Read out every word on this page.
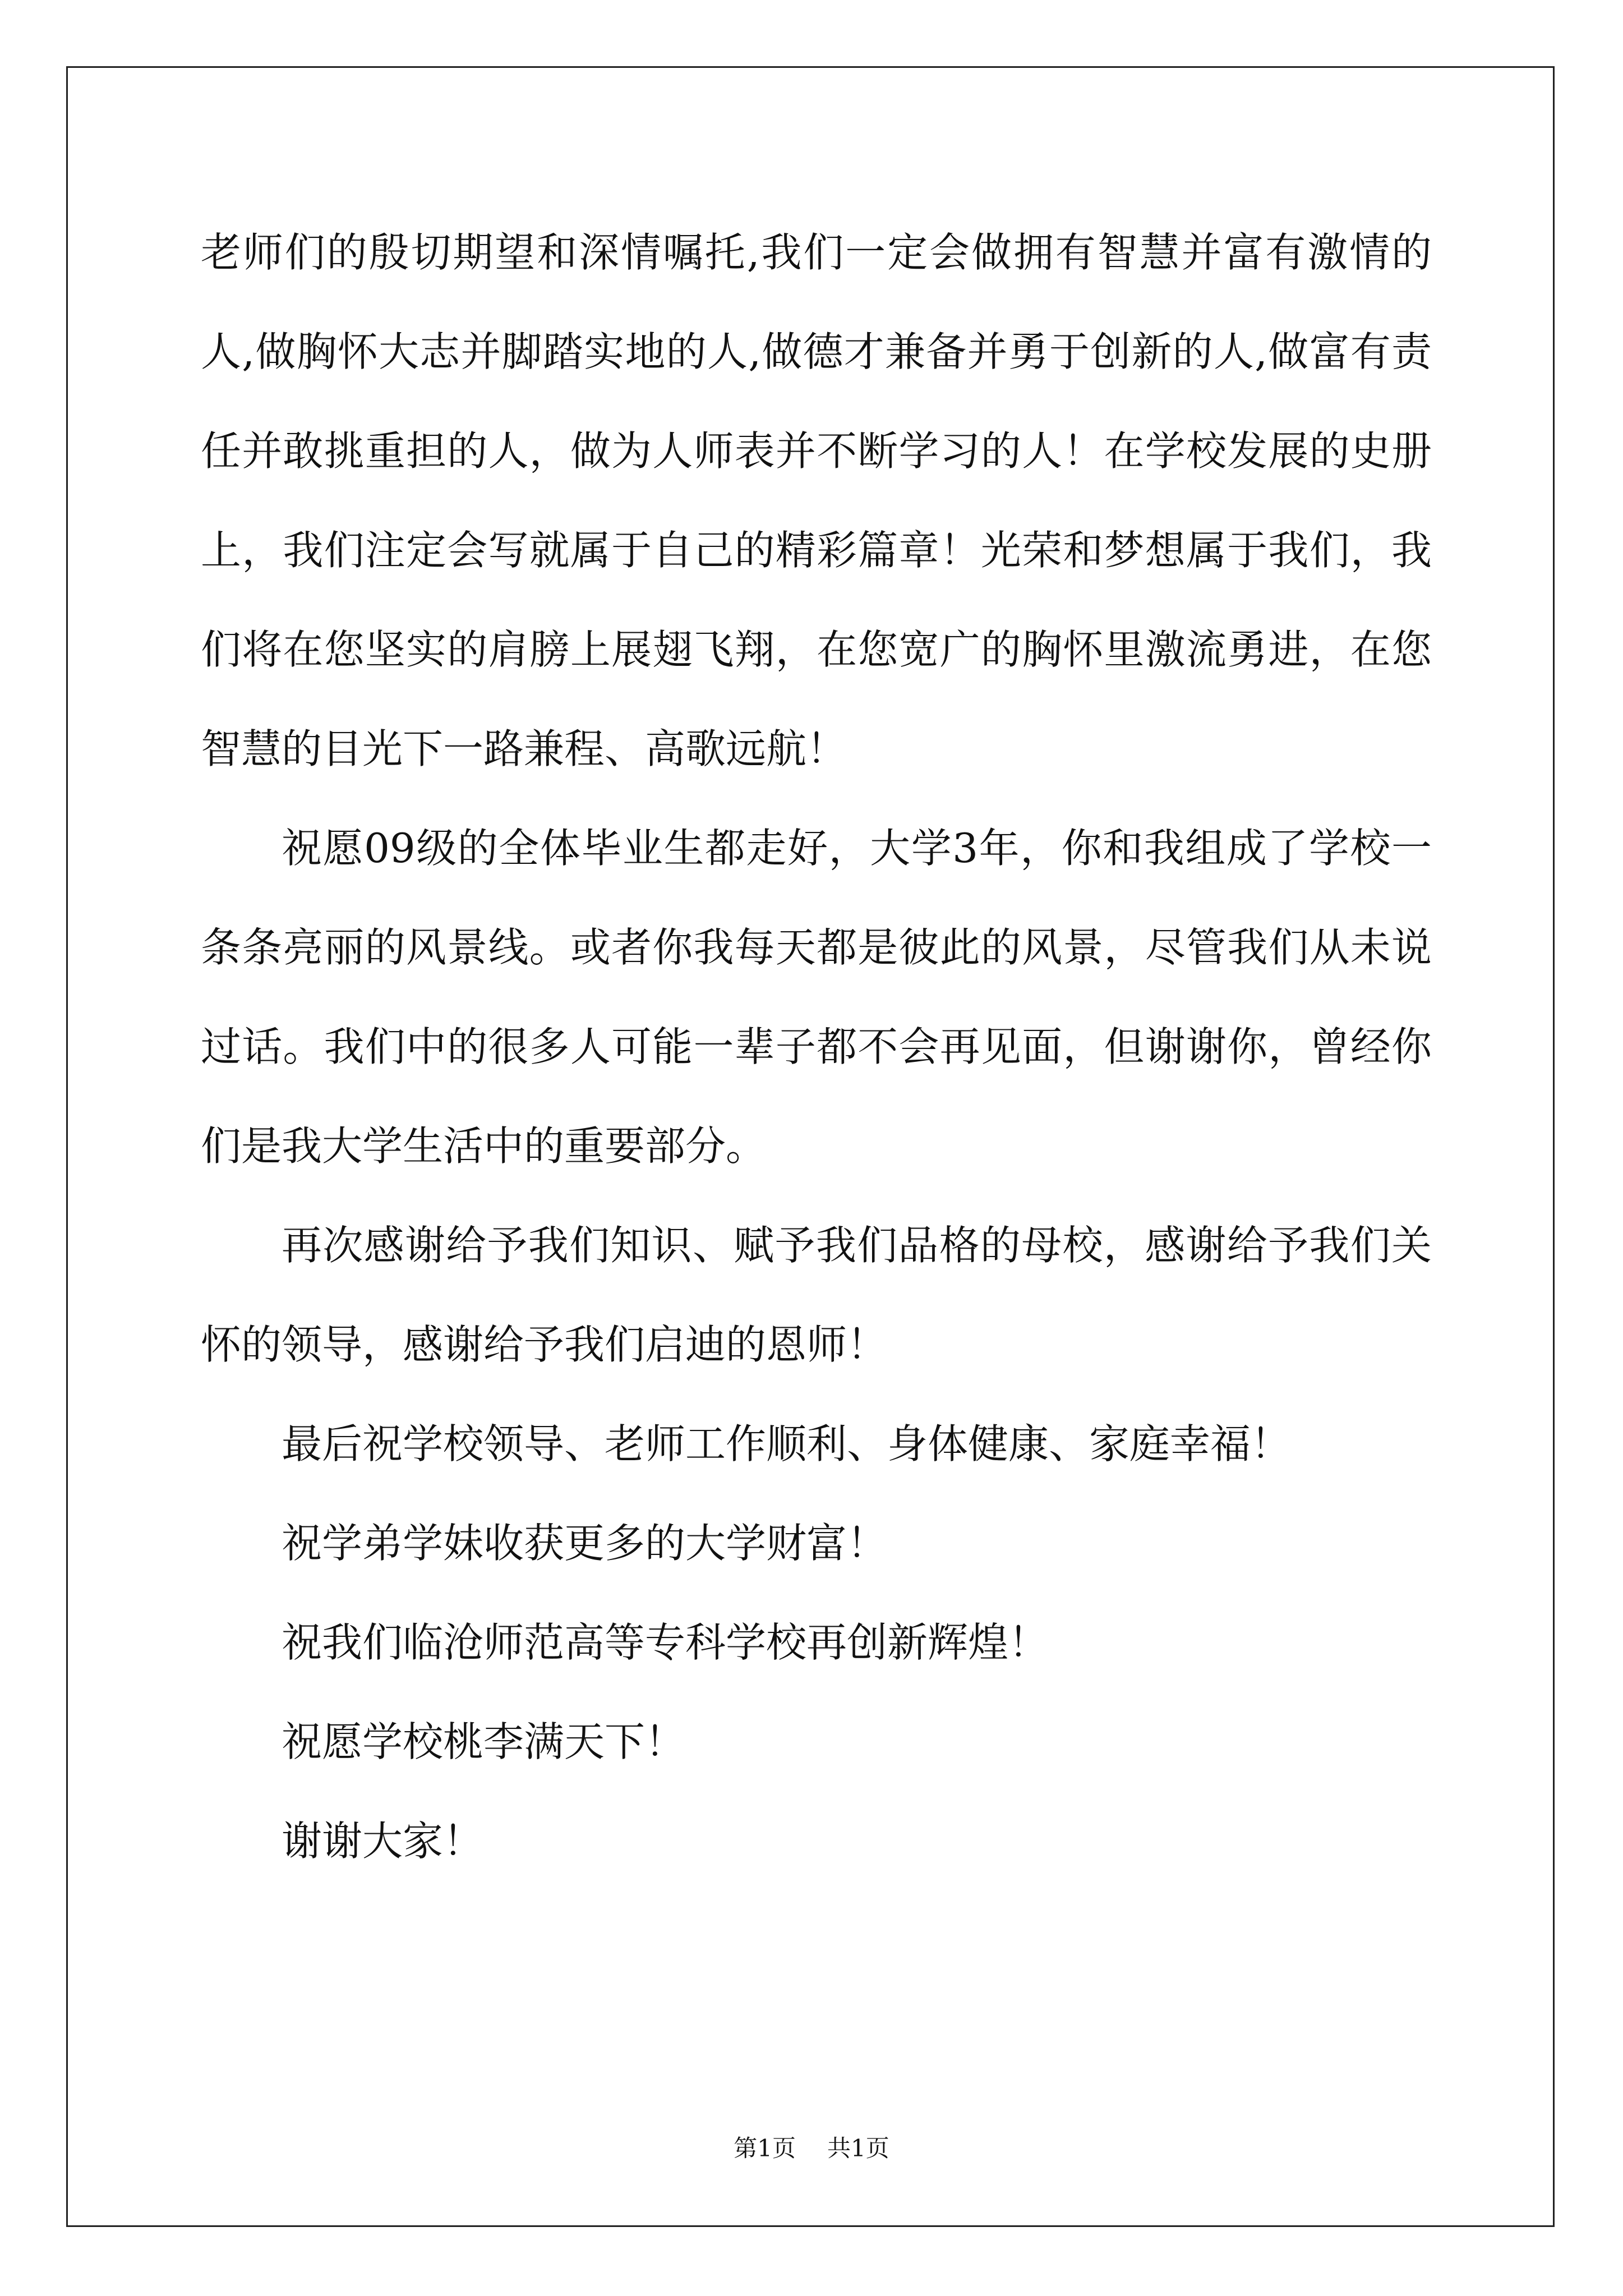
老师们的殷切期望和深情嘱托,我们一定会做拥有智慧并富有激情的人,做胸怀大志并脚踏实地的人,做德才兼备并勇于创新的人,做富有责任并敢挑重担的人，做为人师表并不断学习的人！在学校发展的史册上，我们注定会写就属于自己的精彩篇章！光荣和梦想属于我们，我们将在您坚实的肩膀上展翅飞翔，在您宽广的胸怀里激流勇进，在您智慧的目光下一路兼程、高歌远航！

祝愿09级的全体毕业生都走好，大学3年，你和我组成了学校一条条亮丽的风景线。或者你我每天都是彼此的风景，尽管我们从未说过话。我们中的很多人可能一辈子都不会再见面，但谢谢你，曾经你们是我大学生活中的重要部分。

再次感谢给予我们知识、赋予我们品格的母校，感谢给予我们关怀的领导，感谢给予我们启迪的恩师！

最后祝学校领导、老师工作顺利、身体健康、家庭幸福！

祝学弟学妹收获更多的大学财富！

祝我们临沧师范高等专科学校再创新辉煌！

祝愿学校桃李满天下！

谢谢大家！

第1页 共1页
